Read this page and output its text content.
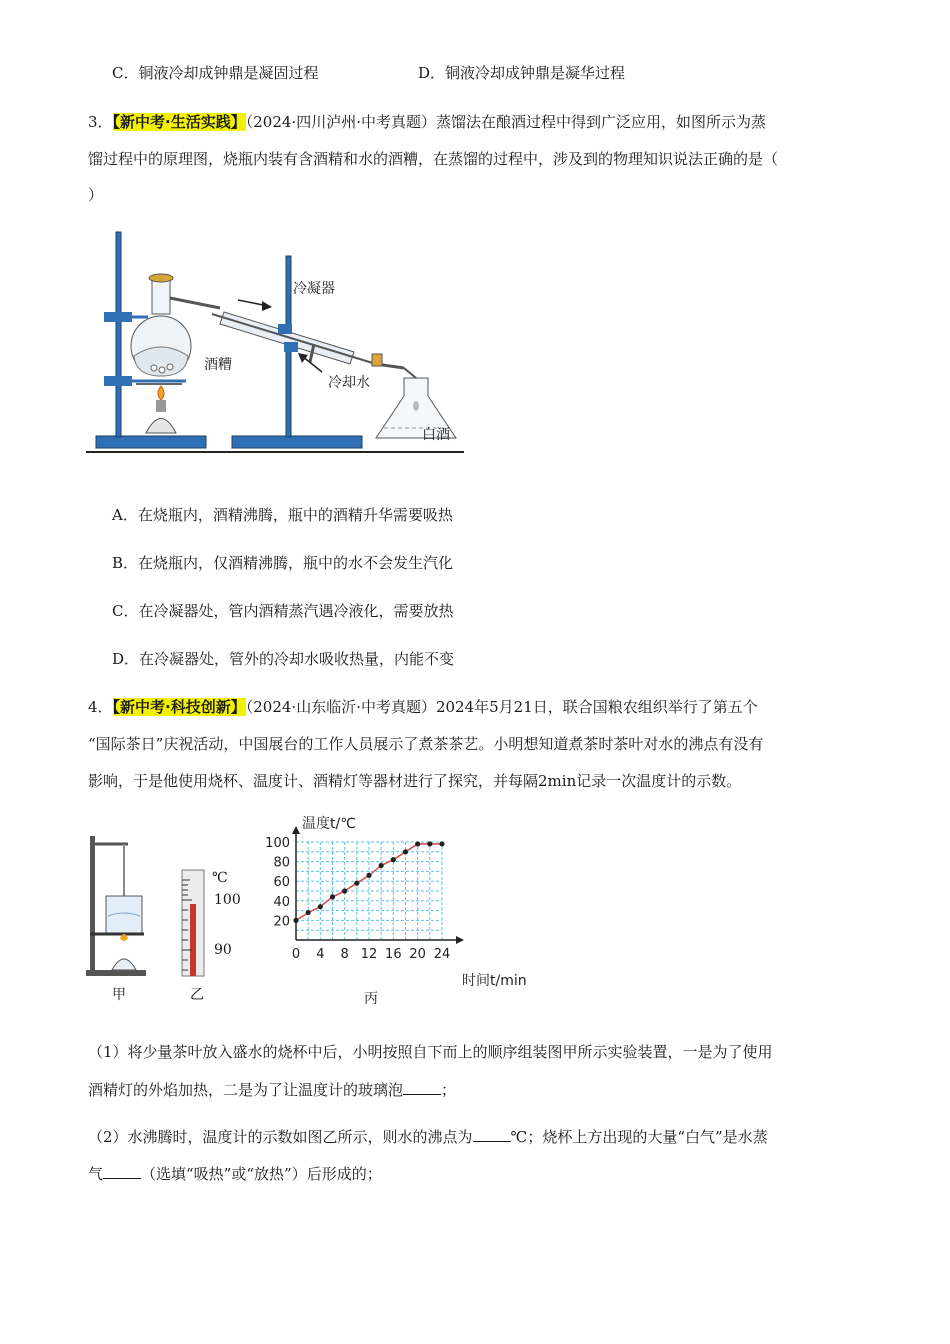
C．铜液冷却成钟鼎是凝固过程	D．铜液冷却成钟鼎是凝华过程
3．【新中考·生活实践】（2024·四川泸州·中考真题）蒸馏法在酿酒过程中得到广泛应用，如图所示为蒸
馏过程中的原理图，烧瓶内装有含酒精和水的酒糟，在蒸馏的过程中，涉及到的物理知识说法正确的是（
）
冷凝器
酒糟
冷却水
白酒
A．在烧瓶内，酒精沸腾，瓶中的酒精升华需要吸热
B．在烧瓶内，仅酒精沸腾，瓶中的水不会发生汽化
C．在冷凝器处，管内酒精蒸汽遇冷液化，需要放热
D．在冷凝器处，管外的冷却水吸收热量，内能不变
4．【新中考·科技创新】（2024·山东临沂·中考真题）2024年5月21日，联合国粮农组织举行了第五个
“国际茶日”庆祝活动，中国展台的工作人员展示了煮茶茶艺。小明想知道煮茶时茶叶对水的沸点有没有
影响，于是他使用烧杯、温度计、酒精灯等器材进行了探究，并每隔2min记录一次温度计的示数。
甲
℃
100
90
乙
0 4 8 12 16 20 24
20
40
60
80
100
温度t/℃
时间t/min
丙
（1）将少量茶叶放入盛水的烧杯中后，小明按照自下而上的顺序组装图甲所示实验装置，一是为了使用
酒精灯的外焰加热，二是为了让温度计的玻璃泡	；
（2）水沸腾时，温度计的示数如图乙所示，则水的沸点为	℃；烧杯上方出现的大量“白气”是水蒸
气	（选填“吸热”或“放热”）后形成的；
